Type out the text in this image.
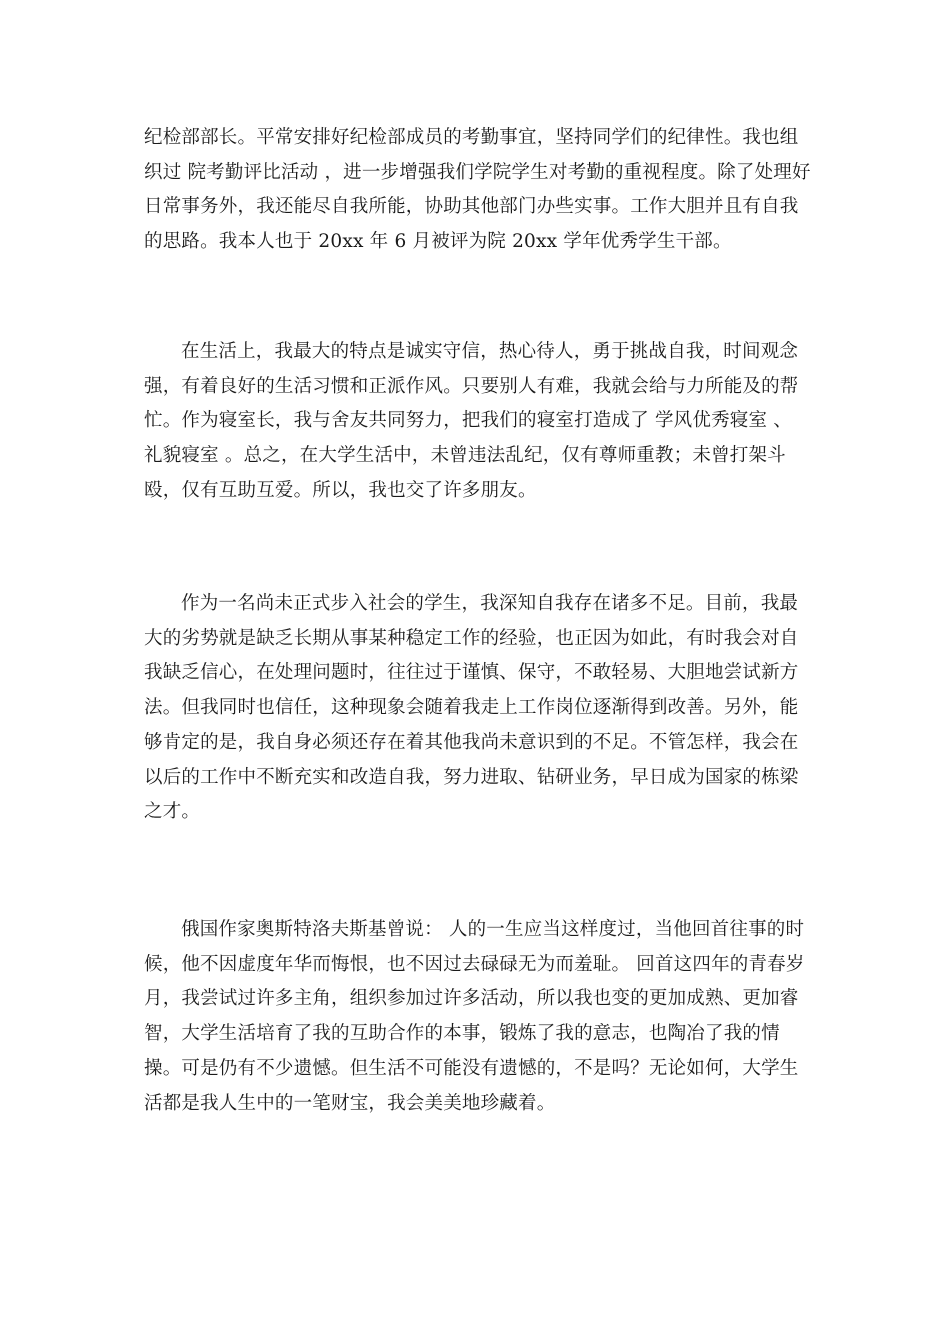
纪检部部长。平常安排好纪检部成员的考勤事宜，坚持同学们的纪律性。我也组织过 院考勤评比活动 ，进一步增强我们学院学生对考勤的重视程度。除了处理好日常事务外，我还能尽自我所能，协助其他部门办些实事。工作大胆并且有自我的思路。我本人也于 20xx 年 6 月被评为院 20xx 学年优秀学生干部。

在生活上，我最大的特点是诚实守信，热心待人，勇于挑战自我，时间观念强，有着良好的生活习惯和正派作风。只要别人有难，我就会给与力所能及的帮忙。作为寝室长，我与舍友共同努力，把我们的寝室打造成了 学风优秀寝室 、 礼貌寝室 。总之，在大学生活中，未曾违法乱纪，仅有尊师重教；未曾打架斗殴，仅有互助互爱。所以，我也交了许多朋友。

作为一名尚未正式步入社会的学生，我深知自我存在诸多不足。目前，我最大的劣势就是缺乏长期从事某种稳定工作的经验，也正因为如此，有时我会对自我缺乏信心，在处理问题时，往往过于谨慎、保守，不敢轻易、大胆地尝试新方法。但我同时也信任，这种现象会随着我走上工作岗位逐渐得到改善。另外，能够肯定的是，我自身必须还存在着其他我尚未意识到的不足。不管怎样，我会在以后的工作中不断充实和改造自我，努力进取、钻研业务，早日成为国家的栋梁之才。

俄国作家奥斯特洛夫斯基曾说： 人的一生应当这样度过，当他回首往事的时候，他不因虚度年华而悔恨，也不因过去碌碌无为而羞耻。 回首这四年的青春岁月，我尝试过许多主角，组织参加过许多活动，所以我也变的更加成熟、更加睿智，大学生活培育了我的互助合作的本事，锻炼了我的意志，也陶冶了我的情操。可是仍有不少遗憾。但生活不可能没有遗憾的，不是吗？无论如何，大学生活都是我人生中的一笔财宝，我会美美地珍藏着。
